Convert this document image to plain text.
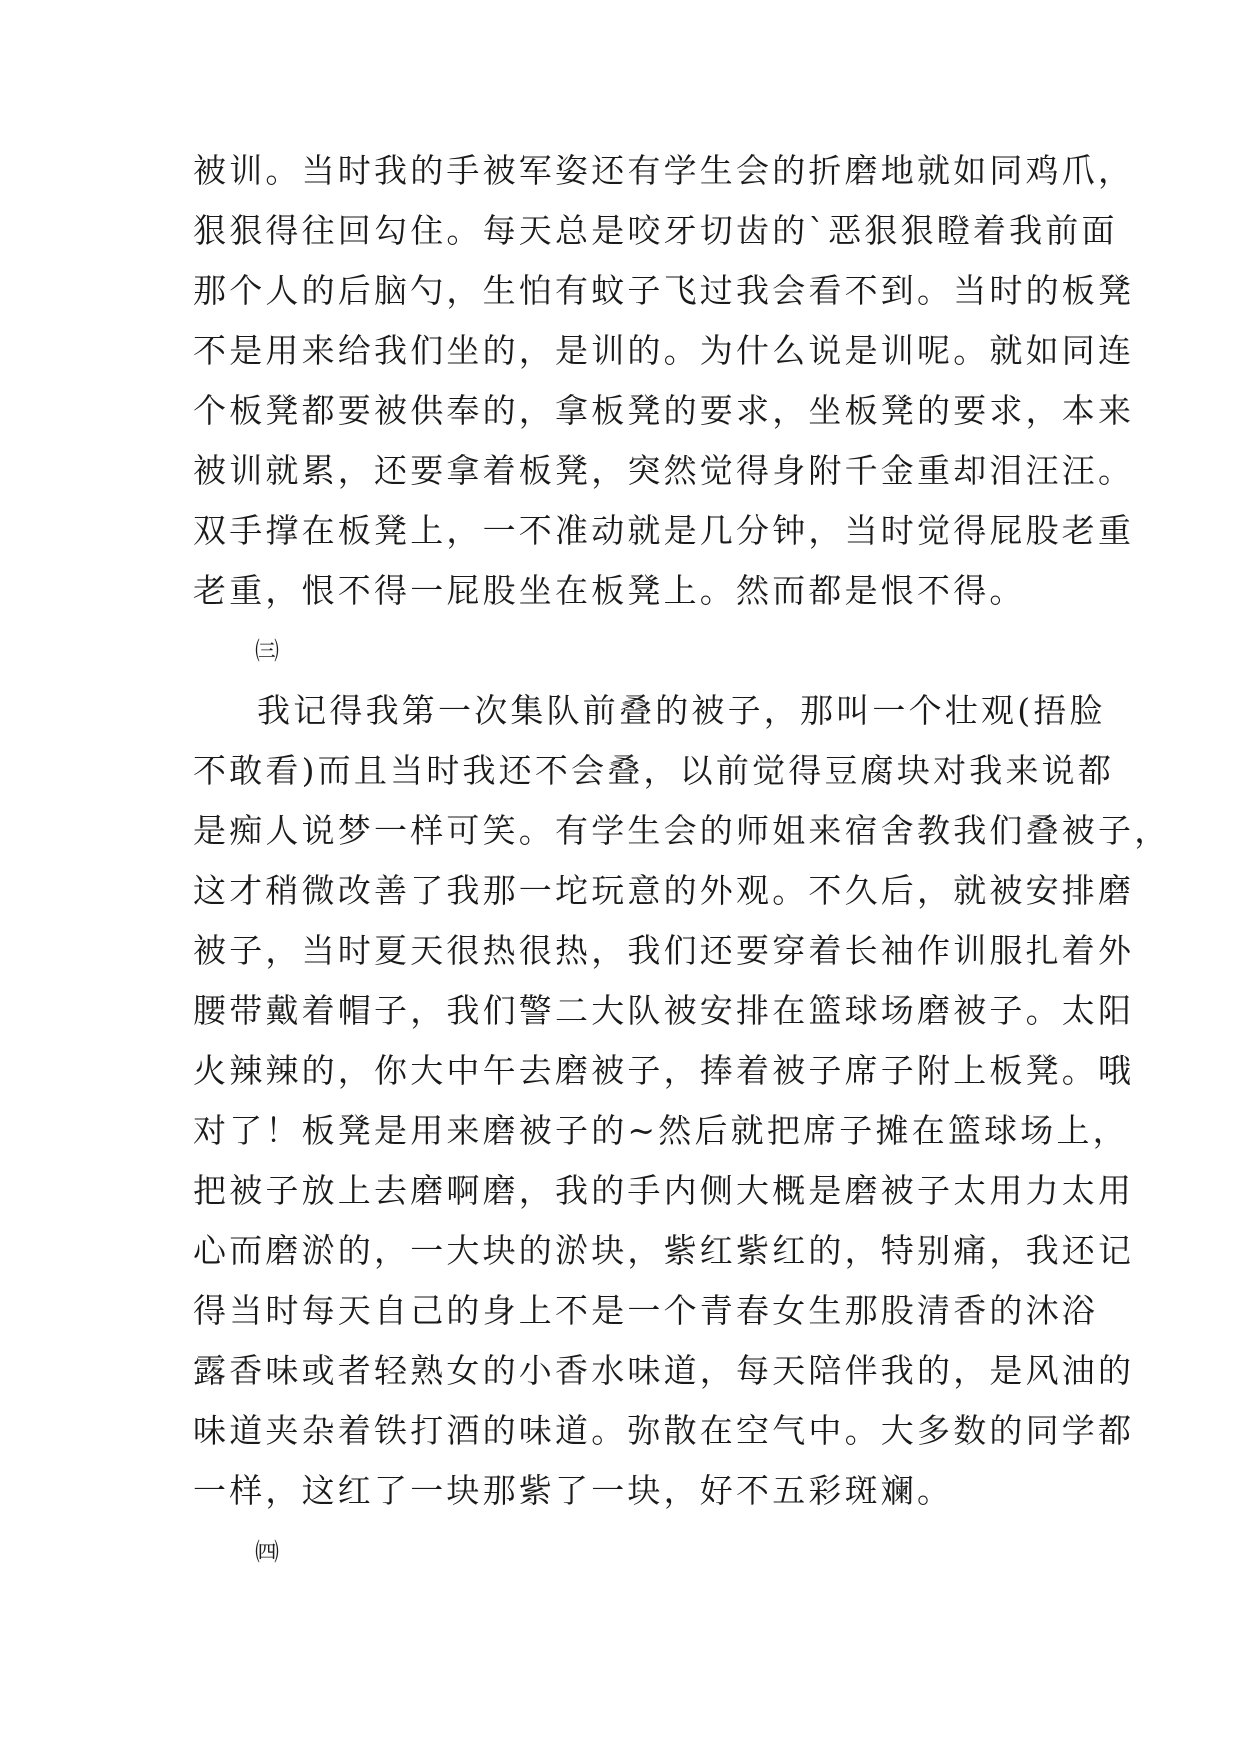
被训。当时我的手被军姿还有学生会的折磨地就如同鸡爪，
狠狠得往回勾住。每天总是咬牙切齿的`恶狠狠瞪着我前面
那个人的后脑勺，生怕有蚊子飞过我会看不到。当时的板凳
不是用来给我们坐的，是训的。为什么说是训呢。就如同连
个板凳都要被供奉的，拿板凳的要求，坐板凳的要求，本来
被训就累，还要拿着板凳，突然觉得身附千金重却泪汪汪。
双手撑在板凳上，一不准动就是几分钟，当时觉得屁股老重
老重，恨不得一屁股坐在板凳上。然而都是恨不得。
㈢
我记得我第一次集队前叠的被子，那叫一个壮观(捂脸
不敢看)而且当时我还不会叠，以前觉得豆腐块对我来说都
是痴人说梦一样可笑。有学生会的师姐来宿舍教我们叠被子，
这才稍微改善了我那一坨玩意的外观。不久后，就被安排磨
被子，当时夏天很热很热，我们还要穿着长袖作训服扎着外
腰带戴着帽子，我们警二大队被安排在篮球场磨被子。太阳
火辣辣的，你大中午去磨被子，捧着被子席子附上板凳。哦
对了！板凳是用来磨被子的~然后就把席子摊在篮球场上，
把被子放上去磨啊磨，我的手内侧大概是磨被子太用力太用
心而磨淤的，一大块的淤块，紫红紫红的，特别痛，我还记
得当时每天自己的身上不是一个青春女生那股清香的沐浴
露香味或者轻熟女的小香水味道，每天陪伴我的，是风油的
味道夹杂着铁打酒的味道。弥散在空气中。大多数的同学都
一样，这红了一块那紫了一块，好不五彩斑斓。
㈣
